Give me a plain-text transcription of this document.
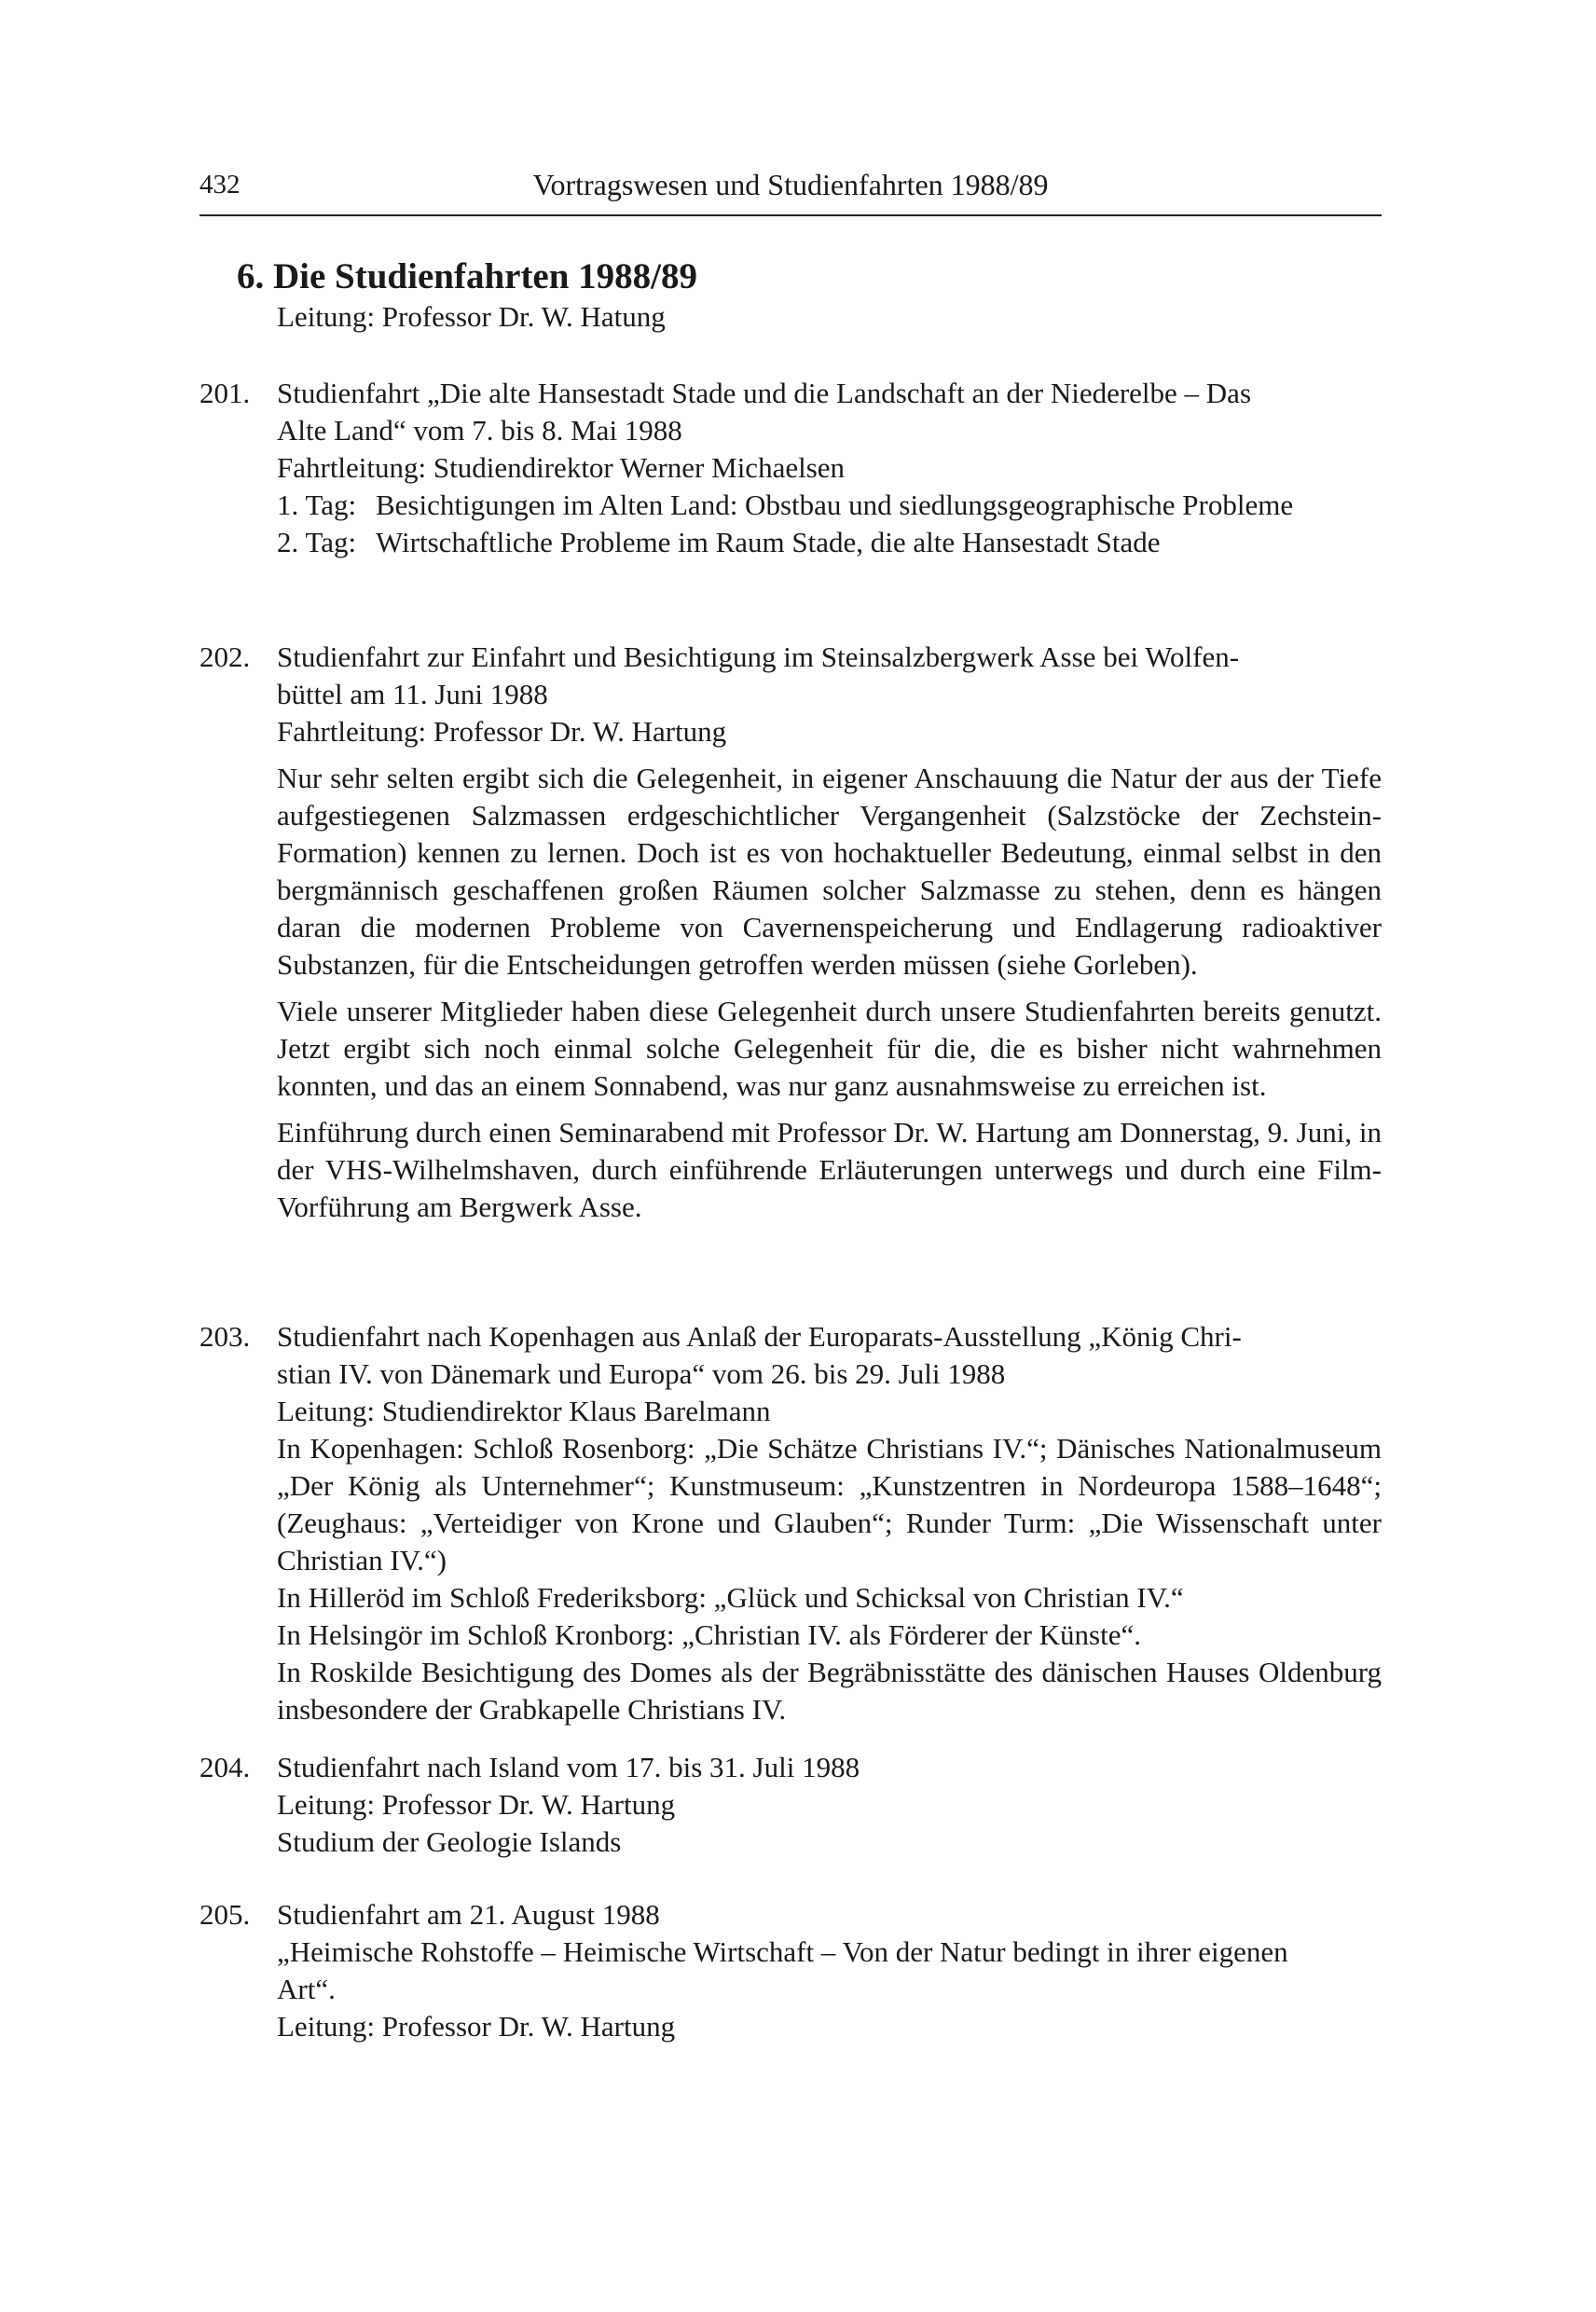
432	Vortragswesen und Studienfahrten 1988/89
6. Die Studienfahrten 1988/89
Leitung: Professor Dr. W. Hatung
201. Studienfahrt „Die alte Hansestadt Stade und die Landschaft an der Niederelbe – Das
Alte Land“ vom 7. bis 8. Mai 1988
Fahrtleitung: Studiendirektor Werner Michaelsen
1. Tag: Besichtigungen im Alten Land: Obstbau und siedlungsgeographische Probleme
2. Tag: Wirtschaftliche Probleme im Raum Stade, die alte Hansestadt Stade
202. Studienfahrt zur Einfahrt und Besichtigung im Steinsalzbergwerk Asse bei Wolfen-
büttel am 11. Juni 1988
Fahrtleitung: Professor Dr. W. Hartung
Nur sehr selten ergibt sich die Gelegenheit, in eigener Anschauung die Natur der aus der Tiefe aufgestiegenen Salzmassen erdgeschichtlicher Vergangenheit (Salzstöcke der Zechstein-Formation) kennen zu lernen. Doch ist es von hochaktueller Bedeutung, einmal selbst in den bergmännisch geschaffenen großen Räumen solcher Salzmasse zu stehen, denn es hängen daran die modernen Probleme von Cavernenspeicherung und Endlagerung radioaktiver Substanzen, für die Entscheidungen getroffen werden müssen (siehe Gorleben).
Viele unserer Mitglieder haben diese Gelegenheit durch unsere Studienfahrten bereits genutzt. Jetzt ergibt sich noch einmal solche Gelegenheit für die, die es bisher nicht wahrnehmen konnten, und das an einem Sonnabend, was nur ganz ausnahmsweise zu erreichen ist.
Einführung durch einen Seminarabend mit Professor Dr. W. Hartung am Donnerstag, 9. Juni, in der VHS-Wilhelmshaven, durch einführende Erläuterungen unterwegs und durch eine Film-Vorführung am Bergwerk Asse.
203. Studienfahrt nach Kopenhagen aus Anlaß der Europarats-Ausstellung „König Chri-
stian IV. von Dänemark und Europa“ vom 26. bis 29. Juli 1988
Leitung: Studiendirektor Klaus Barelmann
In Kopenhagen: Schloß Rosenborg: „Die Schätze Christians IV.“; Dänisches Nationalmuseum „Der König als Unternehmer“; Kunstmuseum: „Kunstzentren in Nordeuropa 1588–1648“; (Zeughaus: „Verteidiger von Krone und Glauben“; Runder Turm: „Die Wissenschaft unter Christian IV.“)
In Hilleröd im Schloß Frederiksborg: „Glück und Schicksal von Christian IV.“
In Helsingör im Schloß Kronborg: „Christian IV. als Förderer der Künste“.
In Roskilde Besichtigung des Domes als der Begräbnisstätte des dänischen Hauses Oldenburg insbesondere der Grabkapelle Christians IV.
204. Studienfahrt nach Island vom 17. bis 31. Juli 1988
Leitung: Professor Dr. W. Hartung
Studium der Geologie Islands
205. Studienfahrt am 21. August 1988
„Heimische Rohstoffe – Heimische Wirtschaft – Von der Natur bedingt in ihrer eigenen Art“.
Leitung: Professor Dr. W. Hartung
